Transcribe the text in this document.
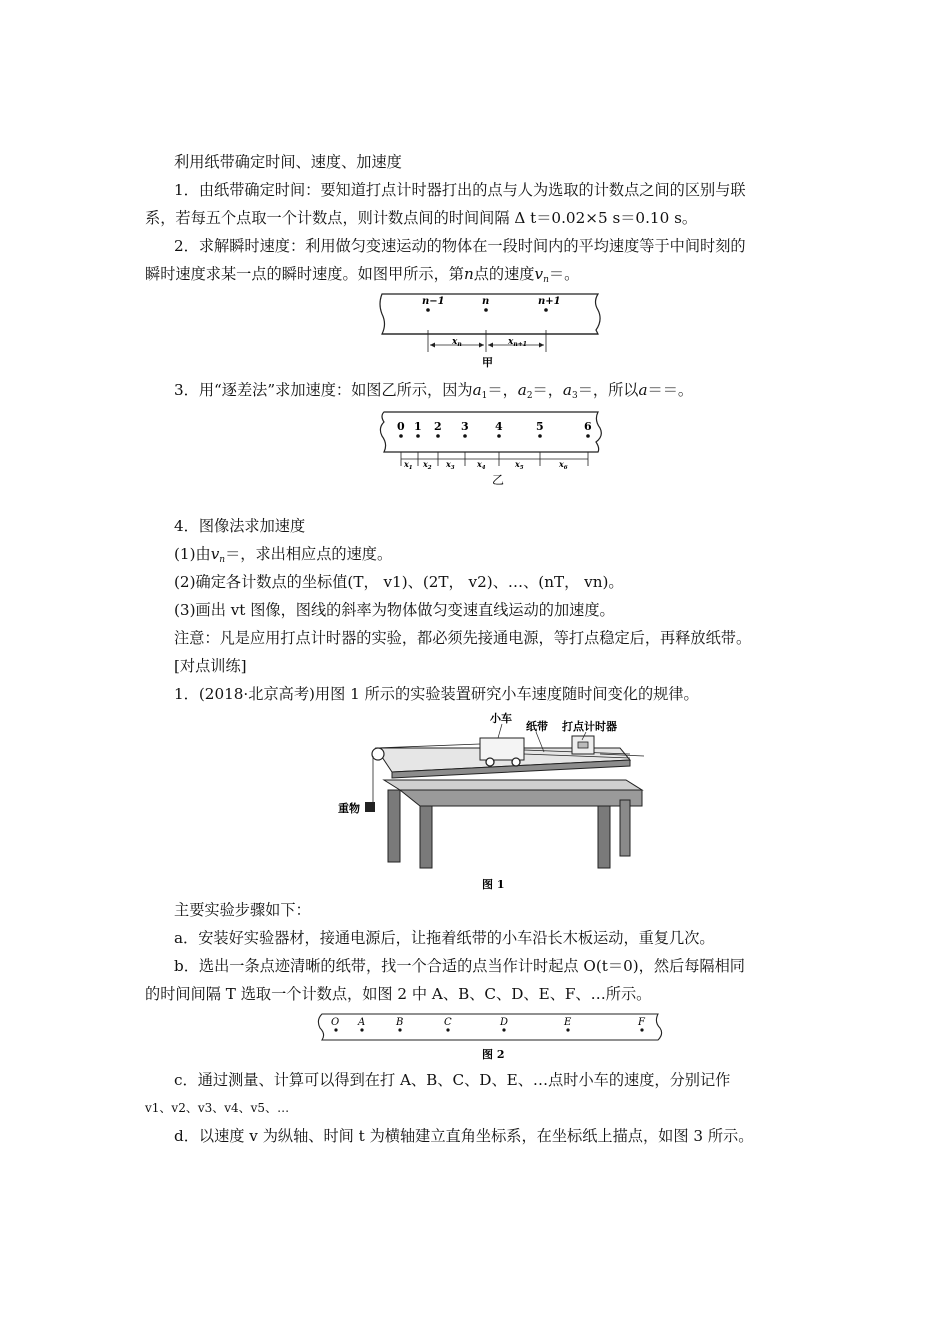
利用纸带确定时间、速度、加速度
1．由纸带确定时间：要知道打点计时器打出的点与人为选取的计数点之间的区别与联
系，若每五个点取一个计数点，则计数点间的时间间隔 Δ t＝0.02×5 s＝0.10 s。
2．求解瞬时速度：利用做匀变速运动的物体在一段时间内的平均速度等于中间时刻的
瞬时速度求某一点的瞬时速度。如图甲所示，第n点的速度$v_n=$。
n−1	n	n+1
$x_n$	$x_{n+1}$
甲
3．用“逐差法”求加速度：如图乙所示，因为$a_1=$，$a_2=$，$a_3=$，所以a＝＝。
0 1 2 3 4	5	6
$x_1$ $x_2$ $x_3$	$x_4$	$x_5$	$x_6$
乙
4．图像法求加速度
(1)由$v_n=$，求出相应点的速度。
(2)确定各计数点的坐标值(T， v1)、(2T， v2)、…、(nT， vn)。
(3)画出 vt 图像，图线的斜率为物体做匀变速直线运动的加速度。
注意：凡是应用打点计时器的实验，都必须先接通电源，等打点稳定后，再释放纸带。
[对点训练]
1．(2018·北京高考)用图 1 所示的实验装置研究小车速度随时间变化的规律。
小车
纸带 打点计时器
重物
图 1
主要实验步骤如下：
a．安装好实验器材，接通电源后，让拖着纸带的小车沿长木板运动，重复几次。
b．选出一条点迹清晰的纸带，找一个合适的点当作计时起点 O(t＝0)，然后每隔相同
的时间间隔 T 选取一个计数点，如图 2 中 A、B、C、D、E、F、…所示。
O A	B	C	D	E	F
图 2
c．通过测量、计算可以得到在打 A、B、C、D、E、…点时小车的速度，分别记作
v1、v2、v3、v4、v5、…
d．以速度 v 为纵轴、时间 t 为横轴建立直角坐标系，在坐标纸上描点，如图 3 所示。
